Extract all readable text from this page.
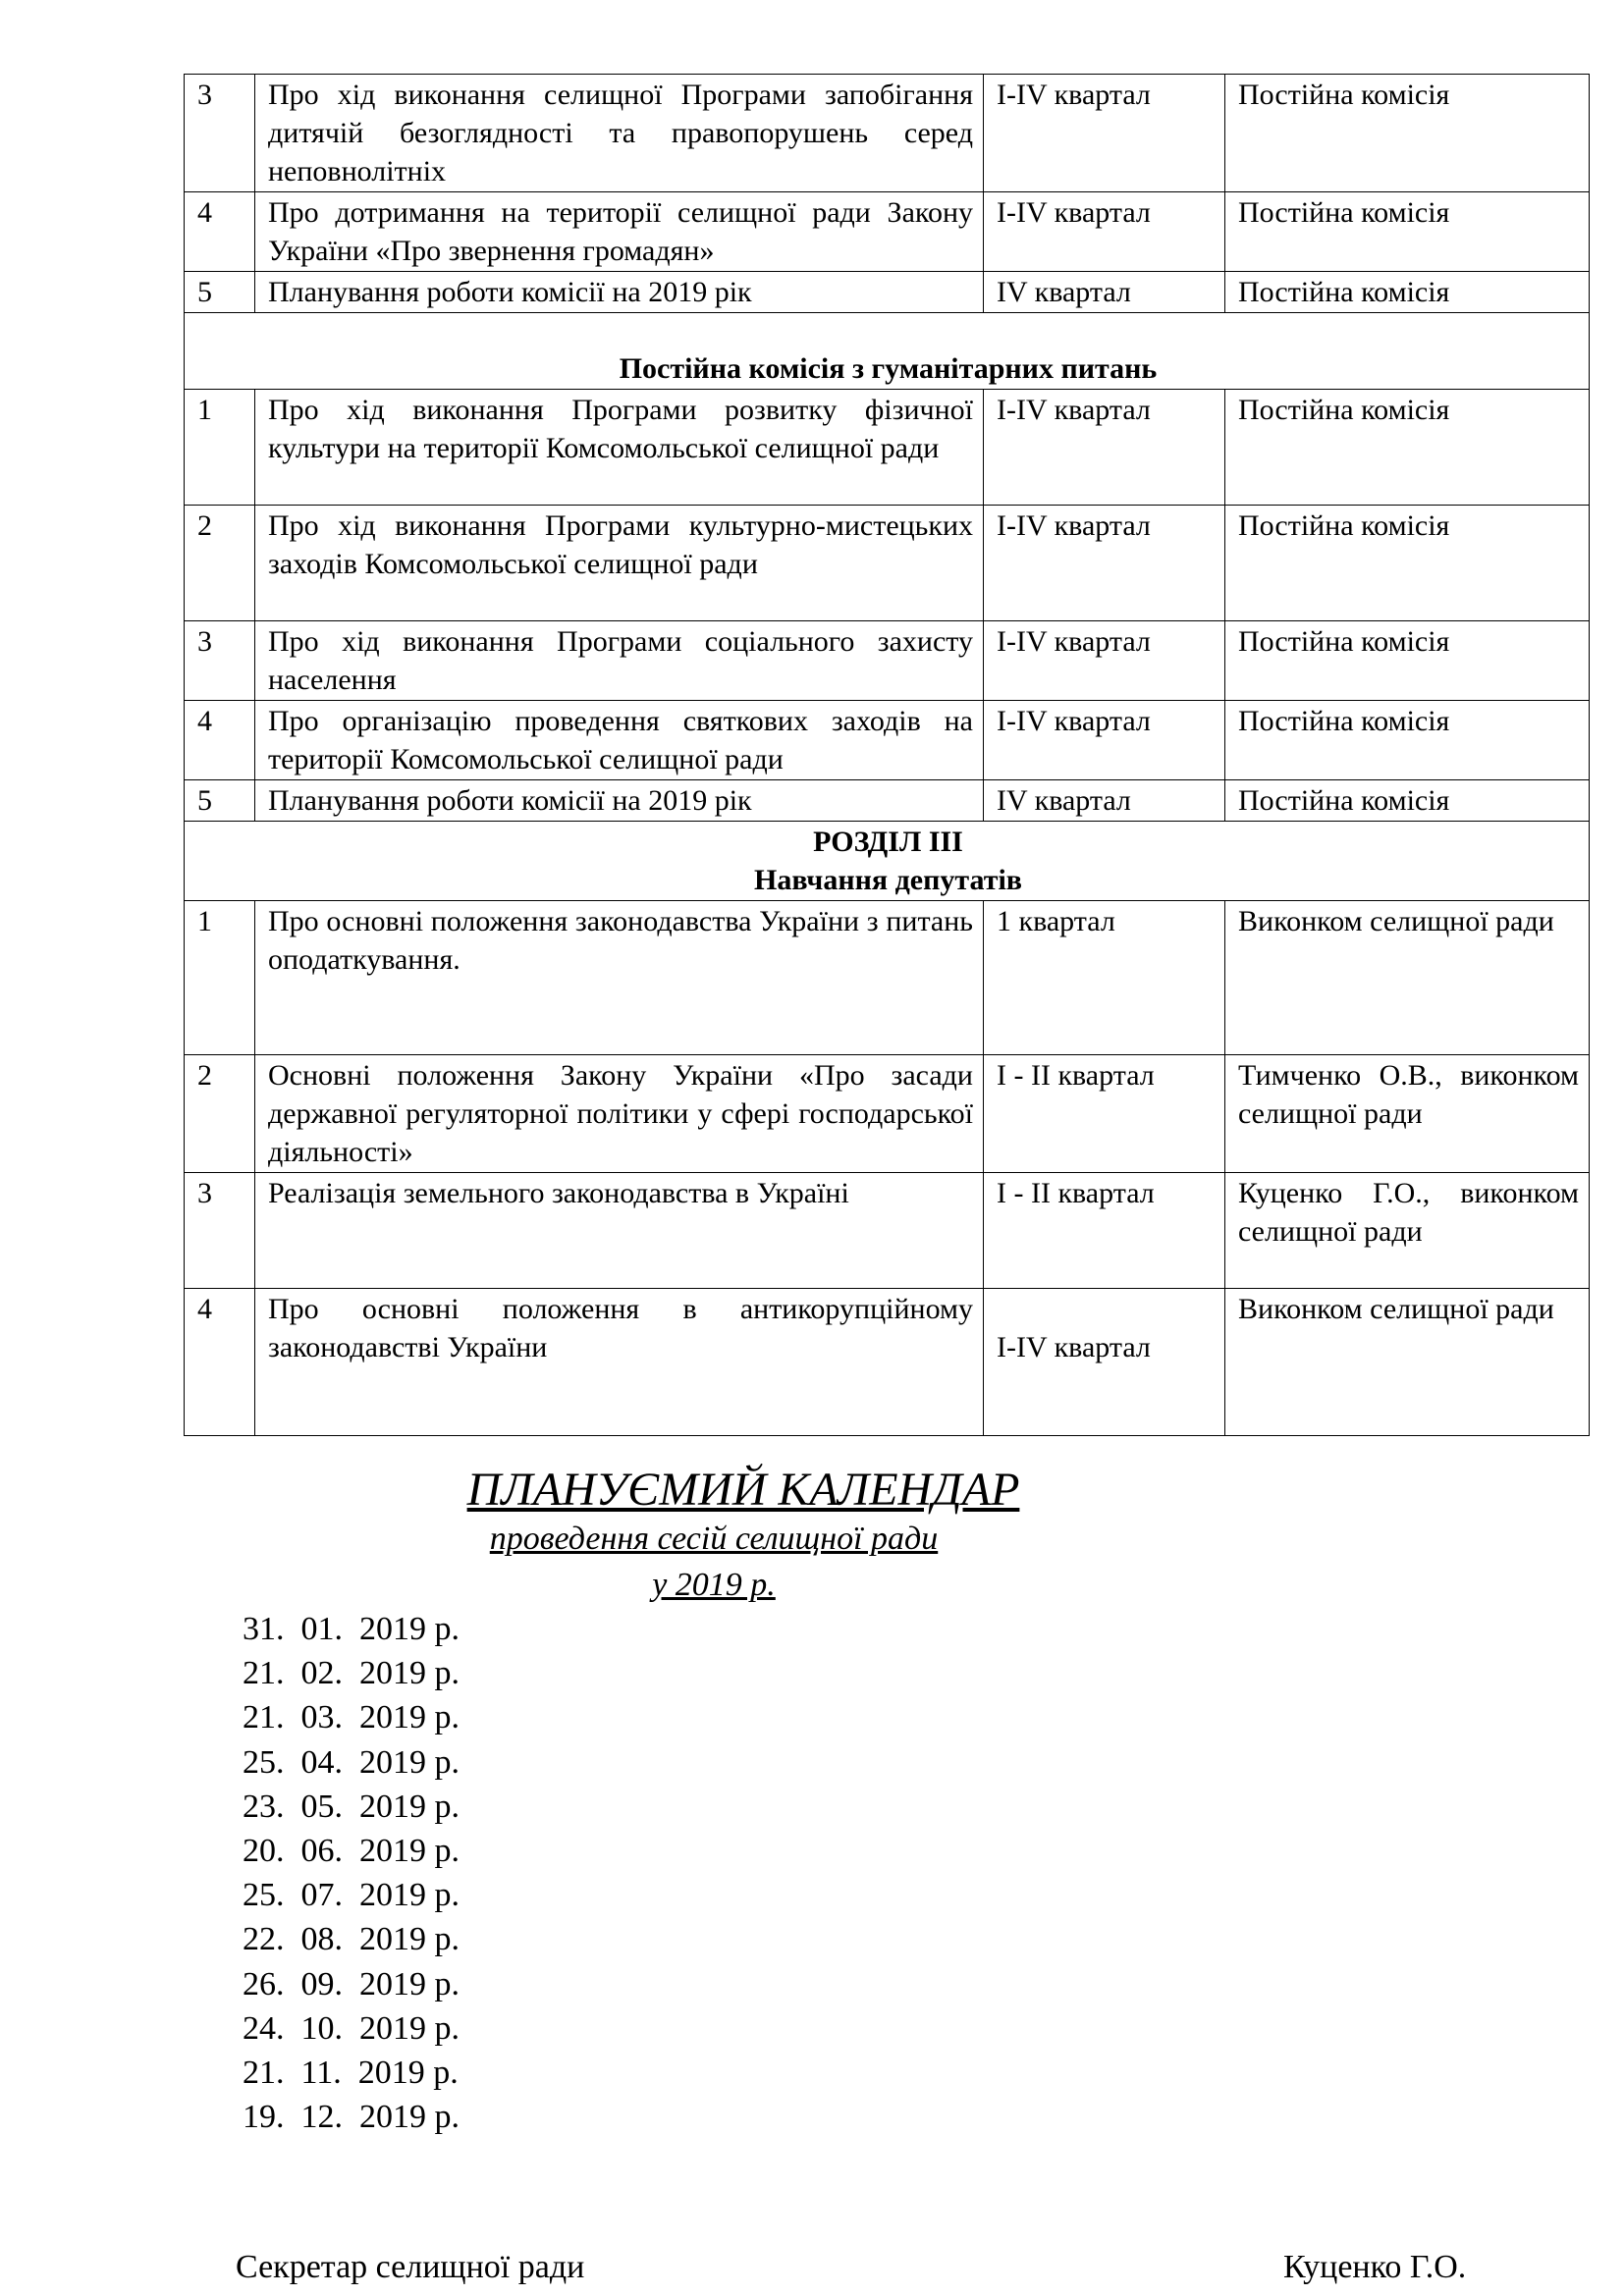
3	Про хід виконання селищної Програми запобігання дитячій безоглядності та правопорушень серед неповнолітніх	І-ІV квартал	Постійна комісія
4	Про дотримання на території селищної ради Закону України «Про звернення громадян»	І-ІV квартал	Постійна комісія
5	Планування роботи комісії на 2019 рік	ІV квартал	Постійна комісія
Постійна комісія з гуманітарних питань			
1	Про хід виконання Програми розвитку фізичної культури на території Комсомольської селищної ради	І-ІV квартал	Постійна комісія
2	Про хід виконання Програми культурно-мистецьких заходів Комсомольської селищної ради	І-ІV квартал	Постійна комісія
3	Про хід виконання Програми соціального захисту населення	І-ІV квартал	Постійна комісія
4	Про організацію проведення святкових заходів на території Комсомольської селищної ради	І-ІV квартал	Постійна комісія
5	Планування роботи комісії на 2019 рік	ІV квартал	Постійна комісія

РОЗДІЛ ІІІ
Навчання депутатів			

1	Про основні положення законодавства України з питань оподаткування.	1 квартал	Виконком селищної ради
2	Основні положення Закону України «Про засади державної регуляторної політики у сфері господарської діяльності»	І - ІІ квартал	Тимченко О.В., виконком селищної ради
3	Реалізація земельного законодавства в Україні	І - ІІ квартал	Куценко Г.О., виконком селищної ради
4	Про основні положення в антикорупційному законодавстві України	І-ІV квартал	Виконком селищної ради
ПЛАНУЄМИЙ КАЛЕНДАР
проведення сесій селищної ради
у 2019 р.
31.  01.  2019 р.
21.  02.  2019 р.
21.  03.  2019 р.
25.  04.  2019 р.
23.  05.  2019 р.
20.  06.  2019 р.
25.  07.  2019 р.
22.  08.  2019 р.
26.  09.  2019 р.
24.  10.  2019 р.
21.  11.  2019 р.
19.  12.  2019 р.
Секретар селищної ради	Куценко Г.О.
